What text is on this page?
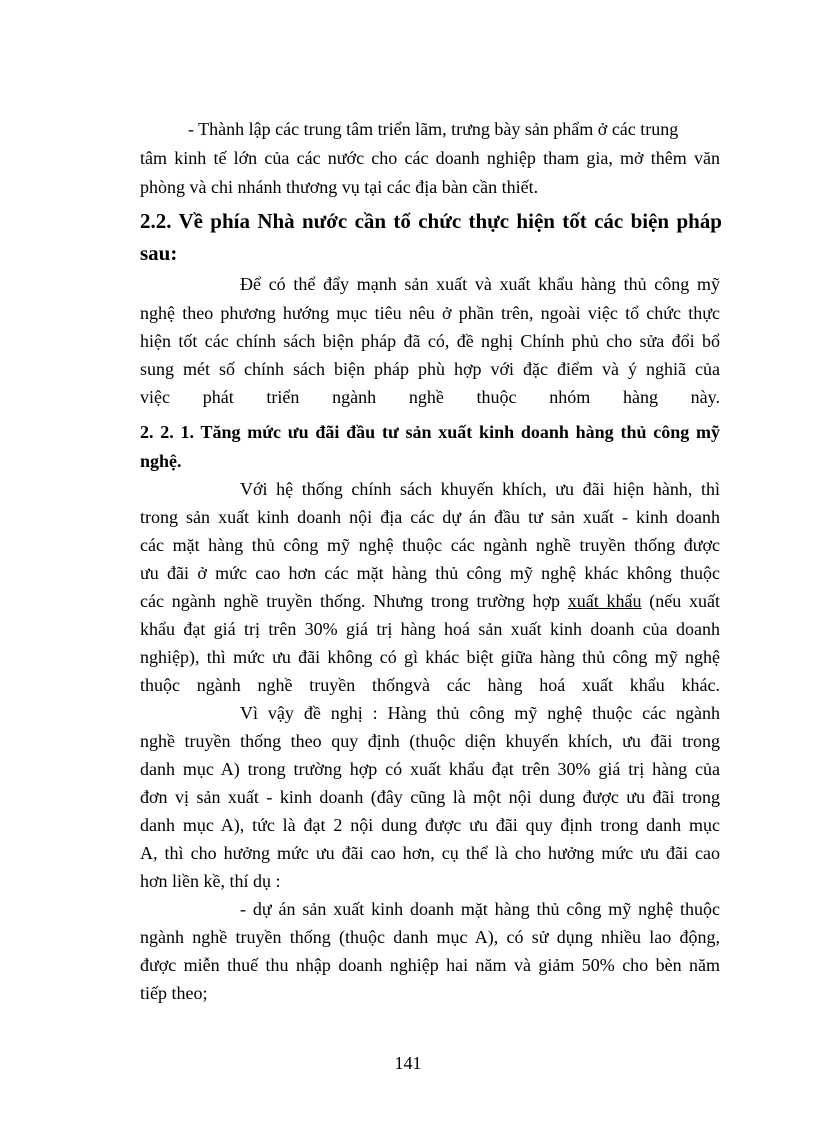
- Thành lập các trung tâm triển lãm, trưng bày sản phẩm ở các trung
tâm kinh tế lớn của các nước cho các doanh nghiệp tham gia, mở thêm văn
phòng và chi nhánh thương vụ tại các địa bàn cần thiết.
2.2. Về phía Nhà nước cần tổ chức thực hiện tốt các biện pháp
sau:
Để có thể đẩy mạnh sản xuất và xuất khẩu hàng thủ công mỹ
nghệ theo phương hướng mục tiêu nêu ở phần trên, ngoài việc tổ chức thực
hiện tốt các chính sách biện pháp đã có, đề nghị Chính phủ cho sửa đổi bổ
sung mét số chính sách biện pháp phù hợp với đặc điểm và ý nghiã của
việc phát triển ngành nghề thuộc nhóm hàng này.
2. 2. 1. Tăng mức ưu đãi đầu tư sản xuất kinh doanh hàng thủ công mỹ
nghệ.
Với hệ thống chính sách khuyến khích, ưu đãi hiện hành, thì
trong sản xuất kinh doanh nội địa các dự án đầu tư sản xuất - kinh doanh
các mặt hàng thủ công mỹ nghệ thuộc các ngành nghề truyền thống được
ưu đãi ở mức cao hơn các mặt hàng thủ công mỹ nghệ khác không thuộc
các ngành nghề truyền thống. Nhưng trong trường hợp xuất khẩu (nếu xuất
khẩu đạt giá trị trên 30% giá trị hàng hoá sản xuất kinh doanh của doanh
nghiệp), thì mức ưu đãi không có gì khác biệt giữa hàng thủ công mỹ nghệ
thuộc ngành nghề truyền thốngvà các hàng hoá xuất khẩu khác.
Vì vậy đề nghị : Hàng thủ công mỹ nghệ thuộc các ngành
nghề truyền thống theo quy định (thuộc diện khuyến khích, ưu đãi trong
danh mục A) trong trường hợp có xuất khẩu đạt trên 30% giá trị hàng của
đơn vị sản xuất - kinh doanh (đây cũng là một nội dung được ưu đãi trong
danh mục A), tức là đạt 2 nội dung được ưu đãi quy định trong danh mục
A, thì cho hưởng mức ưu đãi cao hơn, cụ thể là cho hưởng mức ưu đãi cao
hơn liền kề, thí dụ :
- dự án sản xuất kinh doanh mặt hàng thủ công mỹ nghệ thuộc
ngành nghề truyền thống (thuộc danh mục A), có sử dụng nhiều lao động,
được miễn thuế thu nhập doanh nghiệp hai năm và giảm 50% cho bèn năm
tiếp theo;
141
